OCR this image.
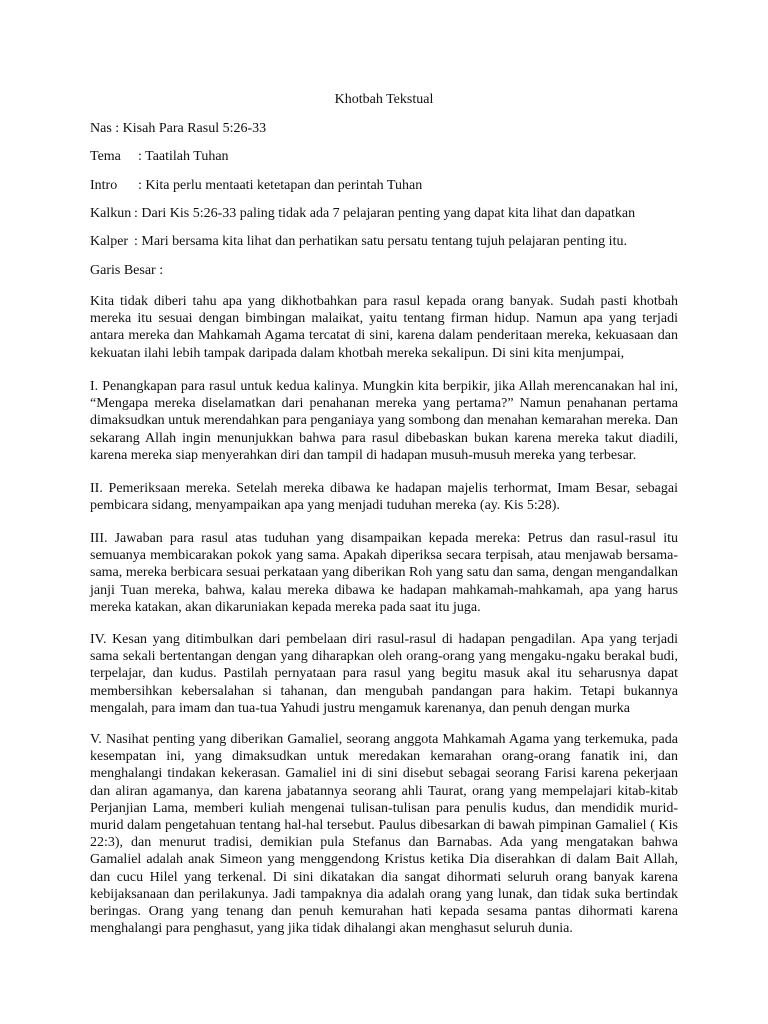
Khotbah Tekstual
Nas : Kisah Para Rasul 5:26-33
Tema : Taatilah Tuhan
Intro : Kita perlu mentaati ketetapan dan perintah Tuhan
Kalkun : Dari Kis 5:26-33 paling tidak ada 7 pelajaran penting yang dapat kita lihat dan dapatkan
Kalper : Mari bersama kita lihat dan perhatikan satu persatu tentang tujuh pelajaran penting itu.
Garis Besar :

Kita tidak diberi tahu apa yang dikhotbahkan para rasul kepada orang banyak. Sudah pasti khotbah mereka itu sesuai dengan bimbingan malaikat, yaitu tentang firman hidup. Namun apa yang terjadi antara mereka dan Mahkamah Agama tercatat di sini, karena dalam penderitaan mereka, kekuasaan dan kekuatan ilahi lebih tampak daripada dalam khotbah mereka sekalipun. Di sini kita menjumpai,

I. Penangkapan para rasul untuk kedua kalinya. Mungkin kita berpikir, jika Allah merencanakan hal ini, “Mengapa mereka diselamatkan dari penahanan mereka yang pertama?” Namun penahanan pertama dimaksudkan untuk merendahkan para penganiaya yang sombong dan menahan kemarahan mereka. Dan sekarang Allah ingin menunjukkan bahwa para rasul dibebaskan bukan karena mereka takut diadili, karena mereka siap menyerahkan diri dan tampil di hadapan musuh-musuh mereka yang terbesar.

II. Pemeriksaan mereka. Setelah mereka dibawa ke hadapan majelis terhormat, Imam Besar, sebagai pembicara sidang, menyampaikan apa yang menjadi tuduhan mereka (ay. Kis 5:28).

III. Jawaban para rasul atas tuduhan yang disampaikan kepada mereka: Petrus dan rasul-rasul itu semuanya membicarakan pokok yang sama. Apakah diperiksa secara terpisah, atau menjawab bersama-sama, mereka berbicara sesuai perkataan yang diberikan Roh yang satu dan sama, dengan mengandalkan janji Tuan mereka, bahwa, kalau mereka dibawa ke hadapan mahkamah-mahkamah, apa yang harus mereka katakan, akan dikaruniakan kepada mereka pada saat itu juga.

IV. Kesan yang ditimbulkan dari pembelaan diri rasul-rasul di hadapan pengadilan. Apa yang terjadi sama sekali bertentangan dengan yang diharapkan oleh orang-orang yang mengaku-ngaku berakal budi, terpelajar, dan kudus. Pastilah pernyataan para rasul yang begitu masuk akal itu seharusnya dapat membersihkan kebersalahan si tahanan, dan mengubah pandangan para hakim. Tetapi bukannya mengalah, para imam dan tua-tua Yahudi justru mengamuk karenanya, dan penuh dengan murka

V. Nasihat penting yang diberikan Gamaliel, seorang anggota Mahkamah Agama yang terkemuka, pada kesempatan ini, yang dimaksudkan untuk meredakan kemarahan orang-orang fanatik ini, dan menghalangi tindakan kekerasan. Gamaliel ini di sini disebut sebagai seorang Farisi karena pekerjaan dan aliran agamanya, dan karena jabatannya seorang ahli Taurat, orang yang mempelajari kitab-kitab Perjanjian Lama, memberi kuliah mengenai tulisan-tulisan para penulis kudus, dan mendidik murid-murid dalam pengetahuan tentang hal-hal tersebut. Paulus dibesarkan di bawah pimpinan Gamaliel ( Kis 22:3), dan menurut tradisi, demikian pula Stefanus dan Barnabas. Ada yang mengatakan bahwa Gamaliel adalah anak Simeon yang menggendong Kristus ketika Dia diserahkan di dalam Bait Allah, dan cucu Hilel yang terkenal. Di sini dikatakan dia sangat dihormati seluruh orang banyak karena kebijaksanaan dan perilakunya. Jadi tampaknya dia adalah orang yang lunak, dan tidak suka bertindak beringas. Orang yang tenang dan penuh kemurahan hati kepada sesama pantas dihormati karena menghalangi para penghasut, yang jika tidak dihalangi akan menghasut seluruh dunia.
